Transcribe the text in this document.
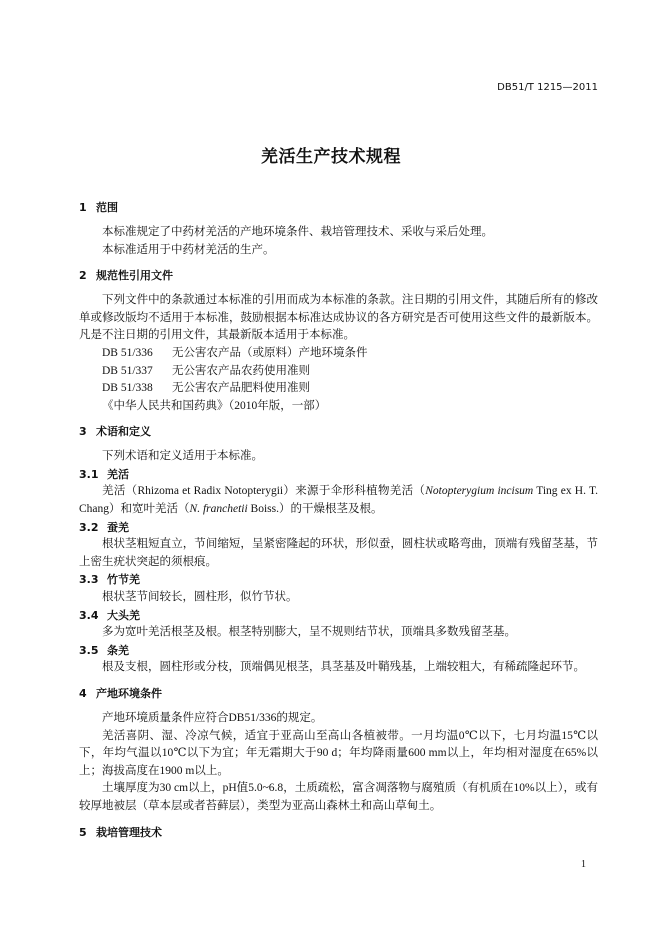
DB51/T 1215—2011
羌活生产技术规程
1 范围

本标准规定了中药材羌活的产地环境条件、栽培管理技术、采收与采后处理。

本标准适用于中药材羌活的生产。

2 规范性引用文件

下列文件中的条款通过本标准的引用而成为本标准的条款。注日期的引用文件，其随后所有的修改单或修改版均不适用于本标准，鼓励根据本标准达成协议的各方研究是否可使用这些文件的最新版本。凡是不注日期的引用文件，其最新版本适用于本标准。

DB 51/336 无公害农产品（或原料）产地环境条件
DB 51/337 无公害农产品农药使用准则
DB 51/338 无公害农产品肥料使用准则
《中华人民共和国药典》（2010年版，一部）
3 术语和定义

下列术语和定义适用于本标准。

3.1 羌活

羌活（Rhizoma et Radix Notopterygii）来源于伞形科植物羌活（Notopterygium incisum Ting ex H. T. Chang）和宽叶羌活（N. franchetii Boiss.）的干燥根茎及根。

3.2 蚕羌

根状茎粗短直立，节间缩短，呈紧密隆起的环状，形似蚕，圆柱状或略弯曲，顶端有残留茎基，节上密生疣状突起的须根痕。

3.3 竹节羌

根状茎节间较长，圆柱形，似竹节状。

3.4 大头羌

多为宽叶羌活根茎及根。根茎特别膨大，呈不规则结节状，顶端具多数残留茎基。

3.5 条羌

根及支根，圆柱形或分枝，顶端偶见根茎，具茎基及叶鞘残基，上端较粗大，有稀疏隆起环节。

4 产地环境条件

产地环境质量条件应符合DB51/336的规定。

羌活喜阴、湿、冷凉气候，适宜于亚高山至高山各植被带。一月均温0℃以下，七月均温15℃以下，年均气温以10℃以下为宜；年无霜期大于90 d；年均降雨量600 mm以上，年均相对湿度在65%以上；海拔高度在1900 m以上。

土壤厚度为30 cm以上，pH值5.0~6.8，土质疏松，富含凋落物与腐殖质（有机质在10%以上），或有较厚地被层（草本层或者苔藓层），类型为亚高山森林土和高山草甸土。

5 栽培管理技术
1
